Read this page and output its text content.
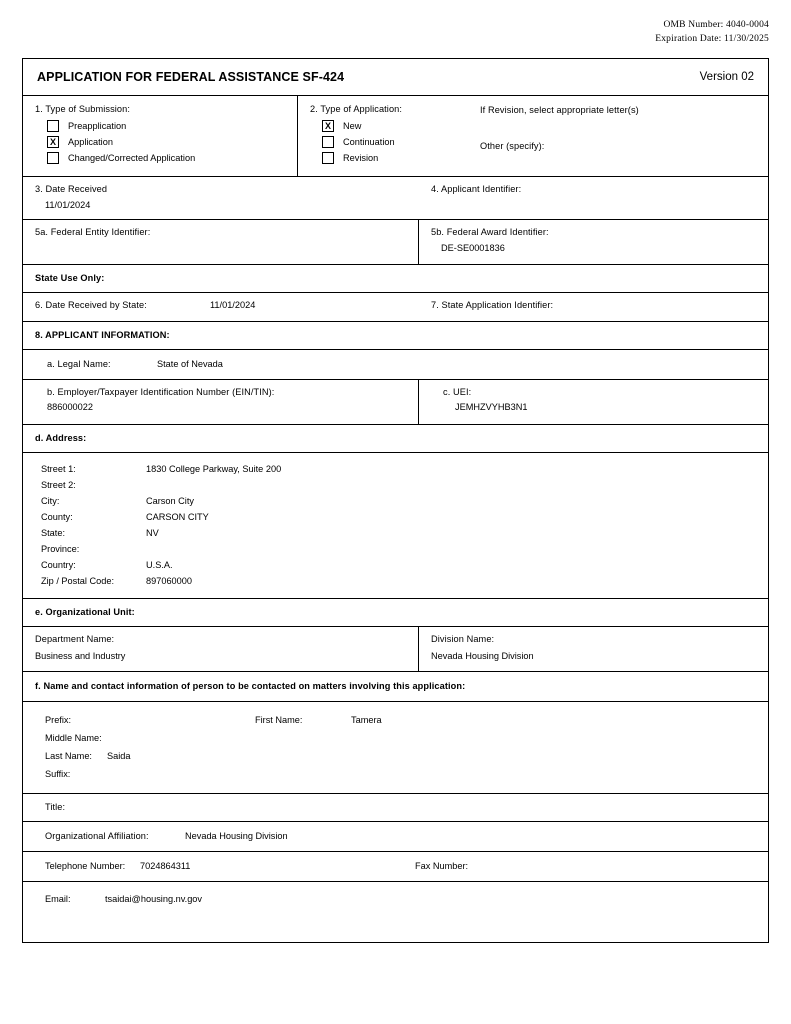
OMB Number: 4040-0004
Expiration Date: 11/30/2025
APPLICATION FOR FEDERAL ASSISTANCE SF-424	Version 02
1. Type of Submission:
Preapplication
X	Application
Changed/Corrected Application
2. Type of Application:
X	New
Continuation
Revision
If Revision, select appropriate letter(s)
Other (specify):
3. Date Received
11/01/2024
4. Applicant Identifier:
5a. Federal Entity Identifier:	5b. Federal Award Identifier:
DE-SE0001836
State Use Only:
6. Date Received by State:	11/01/2024	7. State Application Identifier:
8. APPLICANT INFORMATION:
a. Legal Name:	State of Nevada
b. Employer/Taxpayer Identification Number (EIN/TIN):
886000022
c. UEI:
JEMHZVYHB3N1
d. Address:
Street 1:	1830 College Parkway, Suite 200
Street 2:
City:	Carson City
County:	CARSON CITY
State:	NV
Province:
Country:	U.S.A.
Zip / Postal Code:	897060000
e. Organizational Unit:
Department Name:
Business and Industry
Division Name:
Nevada Housing Division
f. Name and contact information of person to be contacted on matters involving this application:
Prefix:	First Name:	Tamera
Middle Name:
Last Name:	Saida
Suffix:
Title:
Organizational Affiliation:	Nevada Housing Division
Telephone Number:	7024864311	Fax Number:
Email:	tsaidai@housing.nv.gov
